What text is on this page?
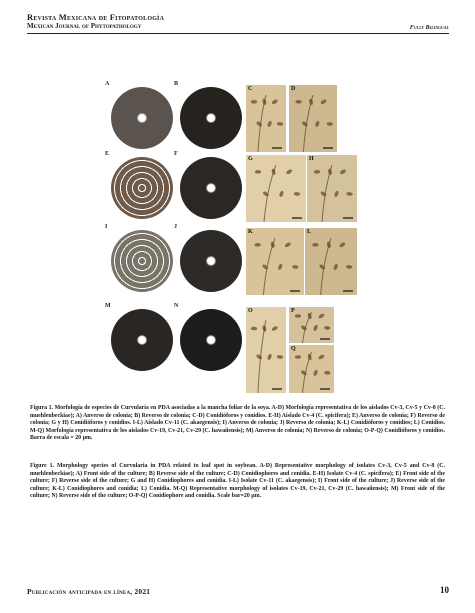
Revista Mexicana de Fitopatología
Mexican Journal of Phytopathology	Fully Bilingual
A	B
E	F
I	J
M	N
C	D
G	H
K	L
O	P
Q
Figura 1. Morfología de especies de Curvularia en PDA asociadas a la mancha foliar de la soya. A-D) Morfología representativa de los aislados Cv-3, Cv-5 y Cv-8 (C. muehlenbeckiae); A) Anverso de colonia; B) Reverso de colonia; C-D) Conidióforos y conidios. E-H) Aislado Cv-4 (C. spicifera); E) Anverso de colonia; F) Reverso de colonia; G y H) Conidióforos y conidios. I-L) Aislado Cv-11 (C. akaegensis); I) Anverso de colonia; J) Reverso de colonia; K-L) Conidióforos y conidios; L) Conidios. M-Q) Morfología representativa de los aislados Cv-19, Cv-21, Cv-29 (C. hawaiiensis); M) Anverso de colonia; N) Reverso de colonia; O-P-Q) Conidióforos y conidios. Barra de escala = 20 µm.
Figure 1. Morphology species of Curvularia in PDA related to leaf spot in soybean. A-D) Representative morphology of isolates Cv-3, Cv-5 and Cv-8 (C. muehlenbeckiae); A) Front side of the culture; B) Reverse side of the culture; C-D) Conidiophores and conidia. E-H) Isolate Cv-4 (C. spicifera); E) Front side of the culture; F) Reverse side of the culture; G and H) Conidiophores and conidia. I-L) Isolate Cv-11 (C. akaegensis); I) Front side of the culture; J) Reverse side of the culture; K-L) Conidiophores and conidia; L) Conidia. M-Q) Representative morphology of isolates Cv-19, Cv-21, Cv-29 (C. hawaiiensis); M) Front side of the culture; N) Reverse side of the culture; O-P-Q) Conidiophore and conidia. Scale bar=20 µm.
Publicación anticipada en línea, 2021	10
